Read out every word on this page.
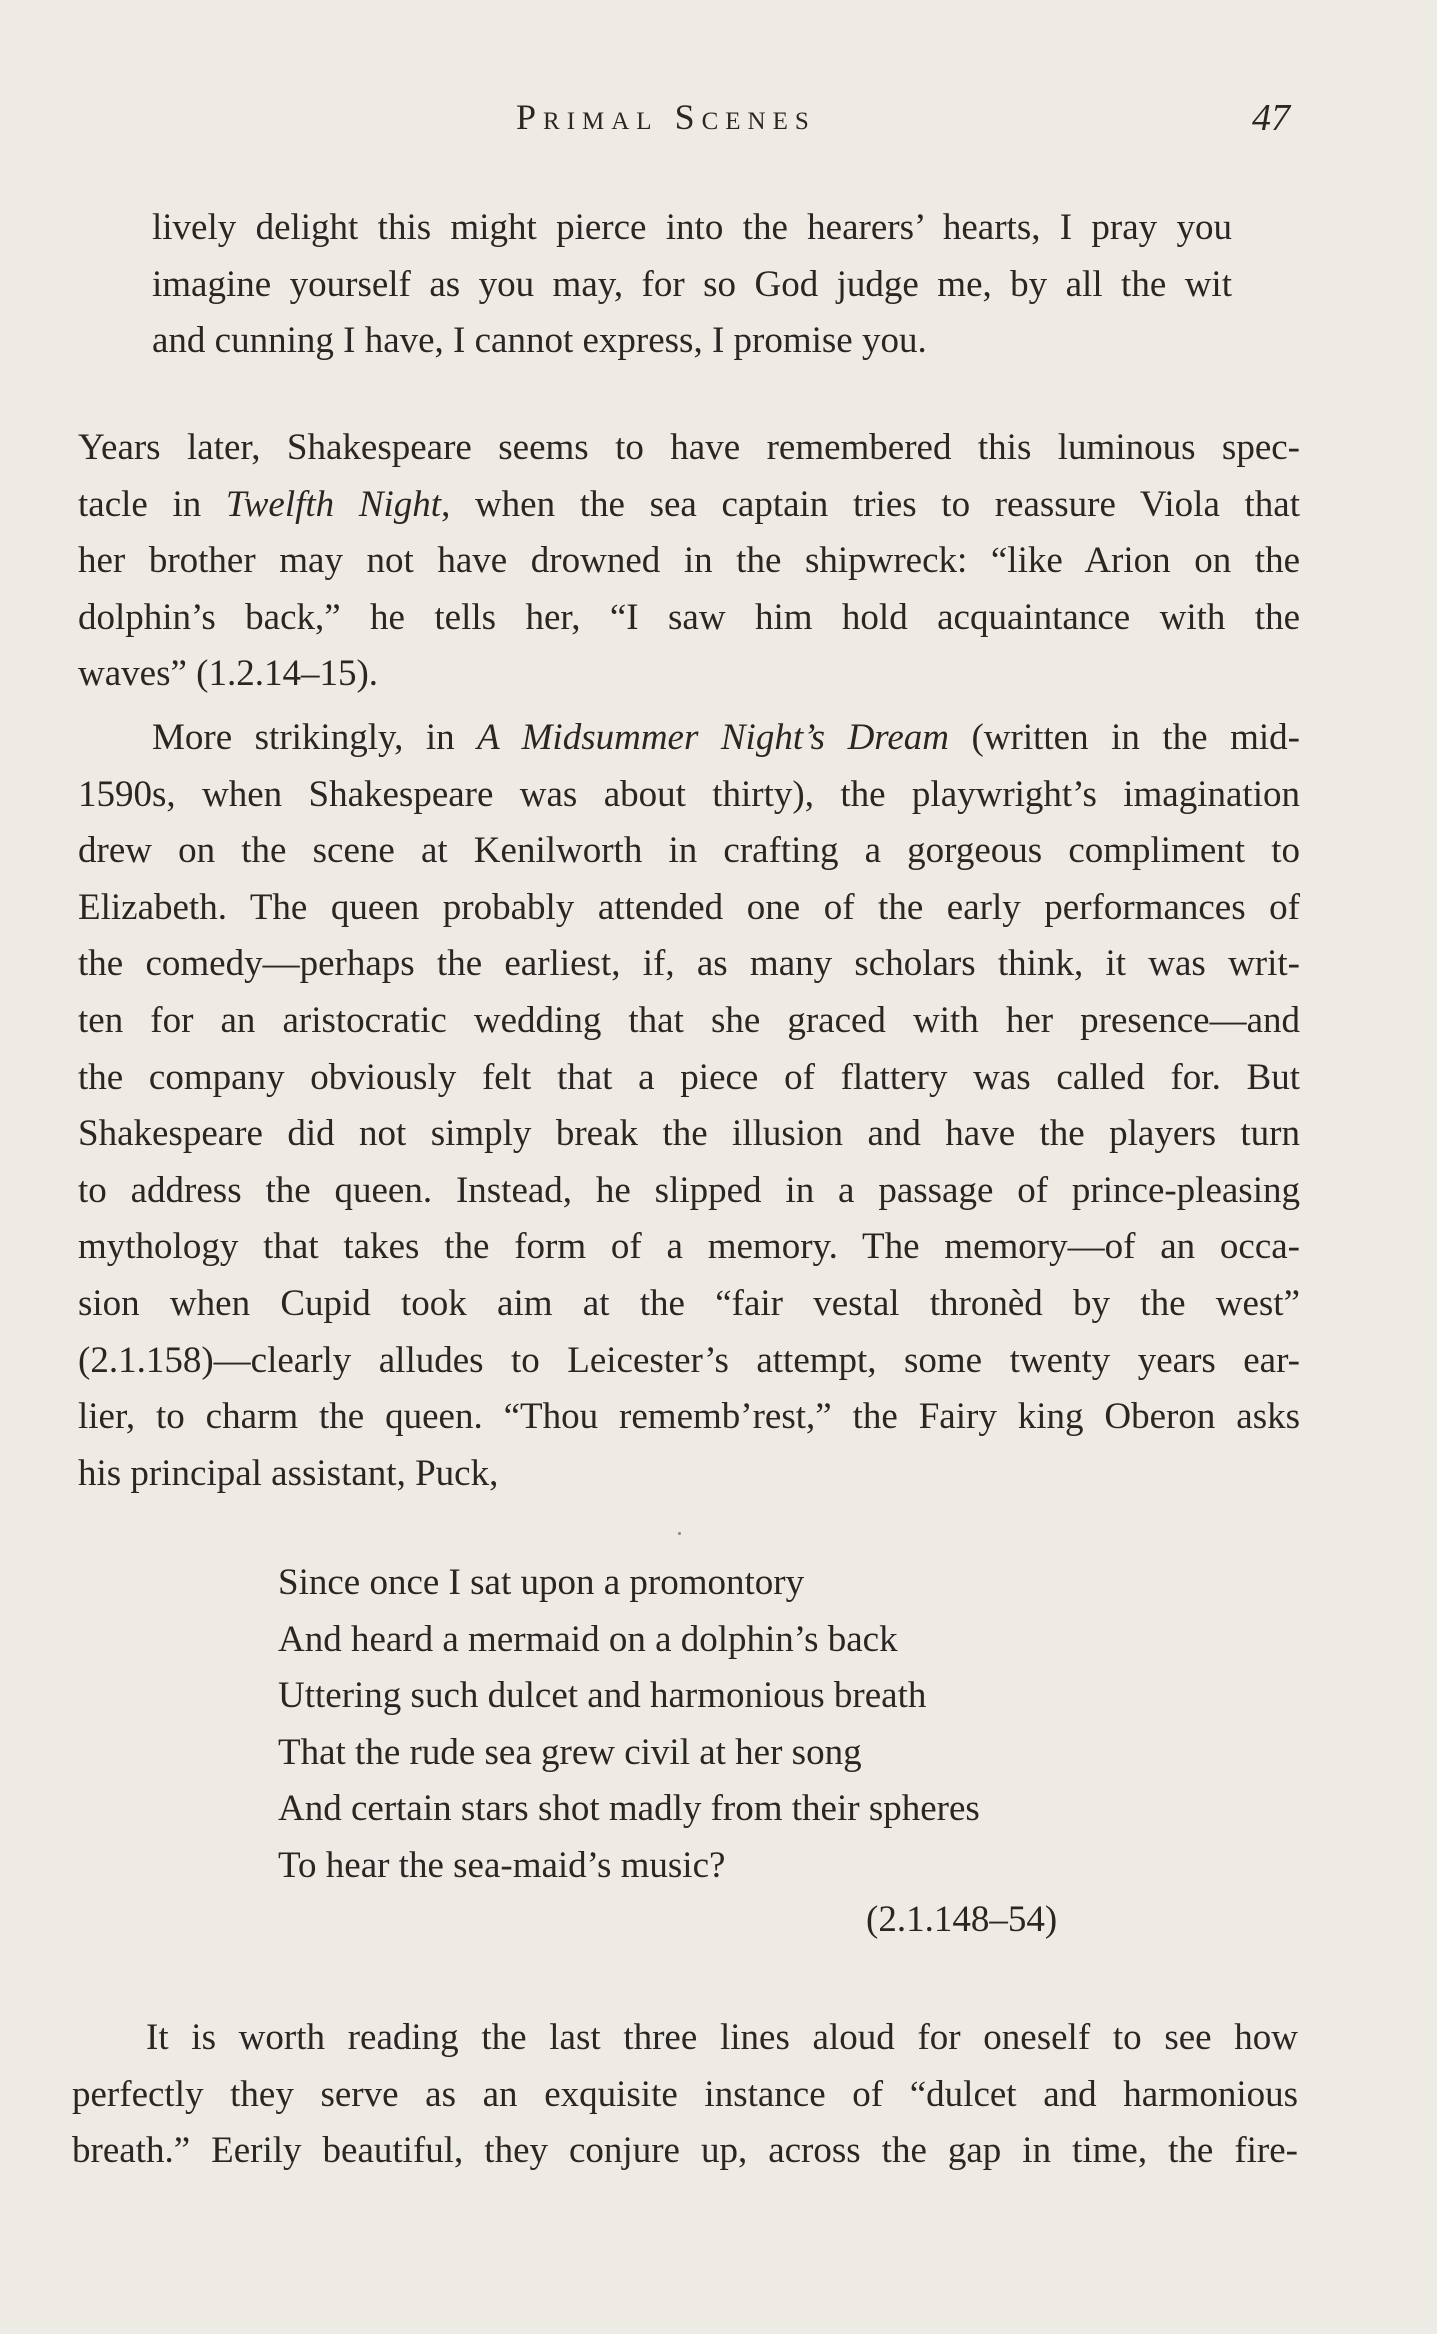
Primal Scenes	47
lively delight this might pierce into the hearers’ hearts, I pray you
imagine yourself as you may, for so God judge me, by all the wit
and cunning I have, I cannot express, I promise you.
Years later, Shakespeare seems to have remembered this luminous spec-
tacle in Twelfth Night, when the sea captain tries to reassure Viola that
her brother may not have drowned in the shipwreck: “like Arion on the
dolphin’s back,” he tells her, “I saw him hold acquaintance with the
waves” (1.2.14–15).
More strikingly, in A Midsummer Night’s Dream (written in the mid-
1590s, when Shakespeare was about thirty), the playwright’s imagination
drew on the scene at Kenilworth in crafting a gorgeous compliment to
Elizabeth. The queen probably attended one of the early performances of
the comedy—perhaps the earliest, if, as many scholars think, it was writ-
ten for an aristocratic wedding that she graced with her presence—and
the company obviously felt that a piece of flattery was called for. But
Shakespeare did not simply break the illusion and have the players turn
to address the queen. Instead, he slipped in a passage of prince-pleasing
mythology that takes the form of a memory. The memory—of an occa-
sion when Cupid took aim at the “fair vestal thronèd by the west”
(2.1.158)—clearly alludes to Leicester’s attempt, some twenty years ear-
lier, to charm the queen. “Thou rememb’rest,” the Fairy king Oberon asks
his principal assistant, Puck,
Since once I sat upon a promontory
And heard a mermaid on a dolphin’s back
Uttering such dulcet and harmonious breath
That the rude sea grew civil at her song
And certain stars shot madly from their spheres
To hear the sea-maid’s music?
(2.1.148–54)
It is worth reading the last three lines aloud for oneself to see how
perfectly they serve as an exquisite instance of “dulcet and harmonious
breath.” Eerily beautiful, they conjure up, across the gap in time, the fire-
